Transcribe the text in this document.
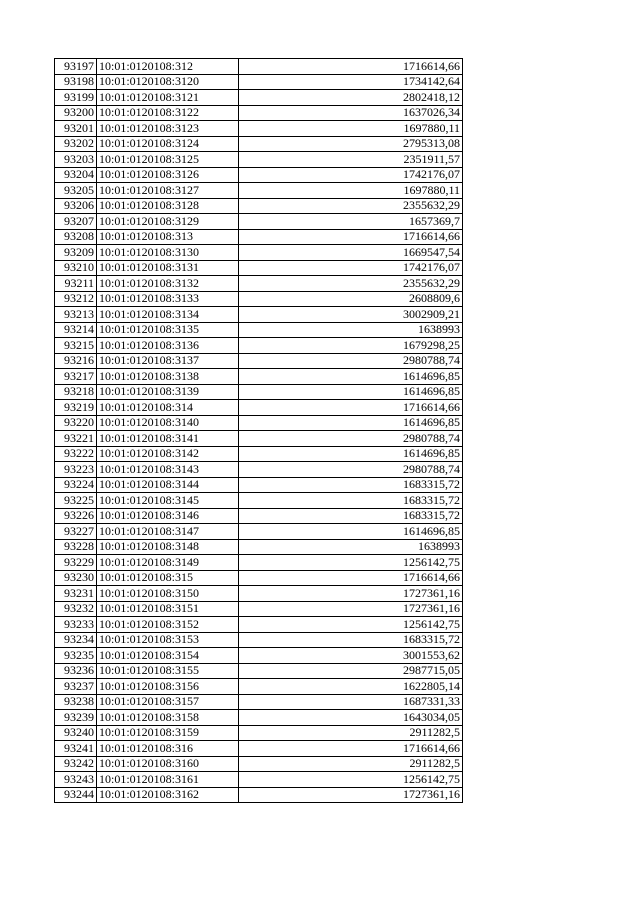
93197	10:01:0120108:312	1716614,66
93198	10:01:0120108:3120	1734142,64
93199	10:01:0120108:3121	2802418,12
93200	10:01:0120108:3122	1637026,34
93201	10:01:0120108:3123	1697880,11
93202	10:01:0120108:3124	2795313,08
93203	10:01:0120108:3125	2351911,57
93204	10:01:0120108:3126	1742176,07
93205	10:01:0120108:3127	1697880,11
93206	10:01:0120108:3128	2355632,29
93207	10:01:0120108:3129	1657369,7
93208	10:01:0120108:313	1716614,66
93209	10:01:0120108:3130	1669547,54
93210	10:01:0120108:3131	1742176,07
93211	10:01:0120108:3132	2355632,29
93212	10:01:0120108:3133	2608809,6
93213	10:01:0120108:3134	3002909,21
93214	10:01:0120108:3135	1638993
93215	10:01:0120108:3136	1679298,25
93216	10:01:0120108:3137	2980788,74
93217	10:01:0120108:3138	1614696,85
93218	10:01:0120108:3139	1614696,85
93219	10:01:0120108:314	1716614,66
93220	10:01:0120108:3140	1614696,85
93221	10:01:0120108:3141	2980788,74
93222	10:01:0120108:3142	1614696,85
93223	10:01:0120108:3143	2980788,74
93224	10:01:0120108:3144	1683315,72
93225	10:01:0120108:3145	1683315,72
93226	10:01:0120108:3146	1683315,72
93227	10:01:0120108:3147	1614696,85
93228	10:01:0120108:3148	1638993
93229	10:01:0120108:3149	1256142,75
93230	10:01:0120108:315	1716614,66
93231	10:01:0120108:3150	1727361,16
93232	10:01:0120108:3151	1727361,16
93233	10:01:0120108:3152	1256142,75
93234	10:01:0120108:3153	1683315,72
93235	10:01:0120108:3154	3001553,62
93236	10:01:0120108:3155	2987715,05
93237	10:01:0120108:3156	1622805,14
93238	10:01:0120108:3157	1687331,33
93239	10:01:0120108:3158	1643034,05
93240	10:01:0120108:3159	2911282,5
93241	10:01:0120108:316	1716614,66
93242	10:01:0120108:3160	2911282,5
93243	10:01:0120108:3161	1256142,75
93244	10:01:0120108:3162	1727361,16
